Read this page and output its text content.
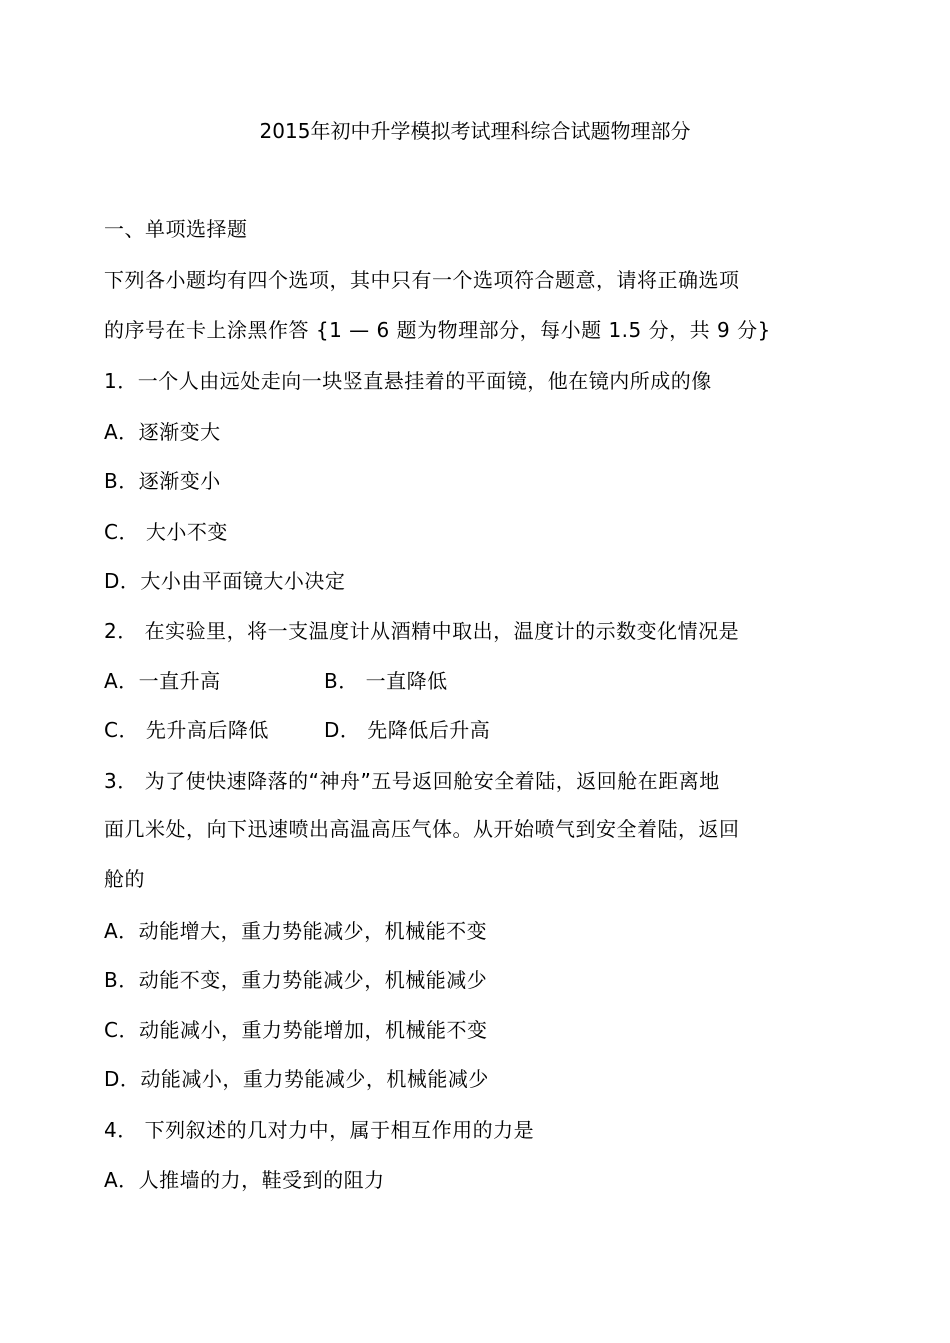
2015年初中升学模拟考试理科综合试题物理部分
一、单项选择题
下列各小题均有四个选项，其中只有一个选项符合题意，请将正确选项
的序号在卡上涂黑作答 {1 — 6 题为物理部分，每小题 1.5 分，共 9 分}
1．一个人由远处走向一块竖直悬挂着的平面镜，他在镜内所成的像
A．逐渐变大
B．逐渐变小
C． 大小不变
D．大小由平面镜大小决定
2． 在实验里，将一支温度计从酒精中取出，温度计的示数变化情况是
A．一直升高	B． 一直降低
C． 先升高后降低	D． 先降低后升高
3． 为了使快速降落的“神舟”五号返回舱安全着陆，返回舱在距离地
面几米处，向下迅速喷出高温高压气体。从开始喷气到安全着陆，返回
舱的
A．动能增大，重力势能减少，机械能不变
B．动能不变，重力势能减少，机械能减少
C．动能减小，重力势能增加，机械能不变
D．动能减小，重力势能减少，机械能减少
4． 下列叙述的几对力中，属于相互作用的力是
A．人推墙的力，鞋受到的阻力
